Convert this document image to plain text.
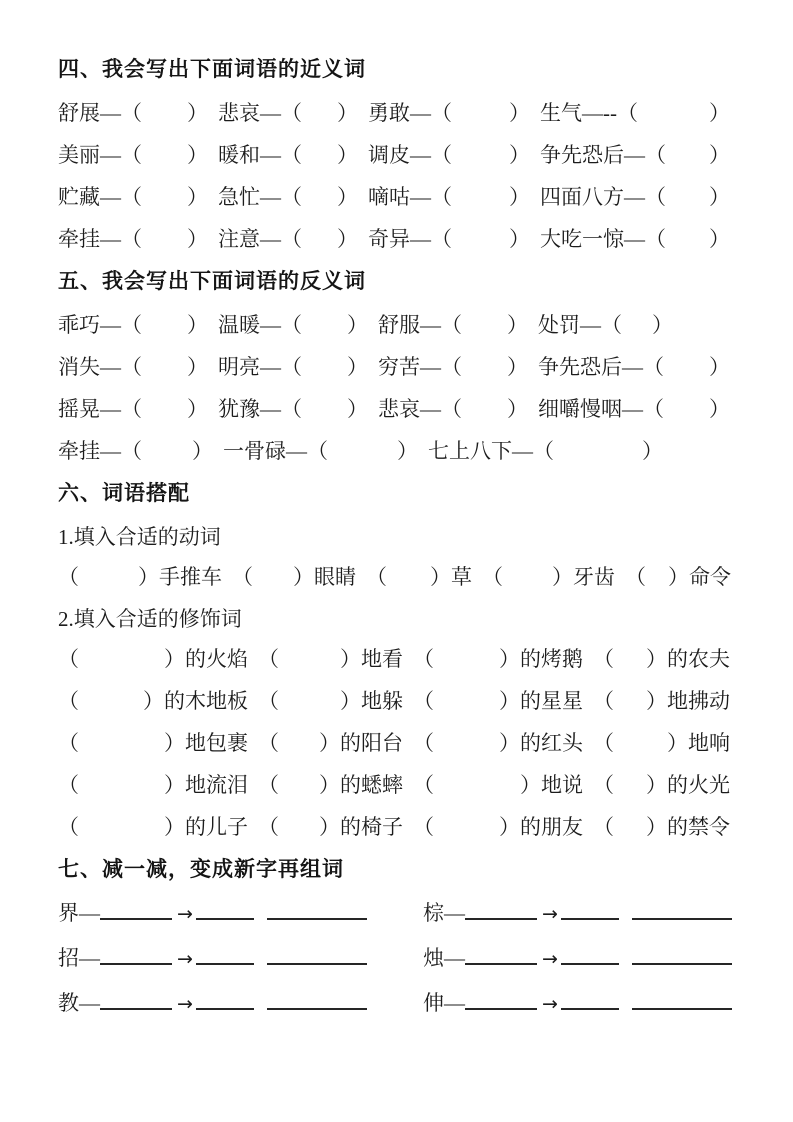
四、我会写出下面词语的近义词
舒展— （ ） 悲哀— （ ） 勇敢— （	） 生气—-- （	）
美丽— （ ） 暖和— （ ） 调皮— （	） 争先恐后— （ ）
贮藏— （ ） 急忙— （ ） 嘀咕— （	） 四面八方— （ ）
牵挂— （ ） 注意— （ ） 奇异— （	） 大吃一惊— （ ）
五、我会写出下面词语的反义词
乖巧— （ ） 温暖— （ ） 舒服— （ ） 处罚— （ ）
消失— （ ） 明亮— （ ） 穷苦— （ ） 争先恐后— （ ）
摇晃— （ ） 犹豫— （ ） 悲哀— （ ） 细嚼慢咽— （ ）
牵挂— （ ） 一骨碌— （	） 七上八下— （	）
六、词语搭配
1.填入合适的动词
（	） 手推车 （ ） 眼睛 （ ） 草 （ ） 牙齿 （ ） 命令
2.填入合适的修饰词
（	） 的火焰 （	） 地看 （	） 的烤鹅 （ ） 的农夫
（	） 的木地板 （	） 地躲 （	） 的星星 （ ） 地拂动
（	） 地包裹 （ ） 的阳台 （	） 的红头 （	） 地响
（	） 地流泪 （ ） 的蟋蟀 （	） 地说 （ ） 的火光
（	） 的儿子 （ ） 的椅子 （	） 的朋友 （ ） 的禁令
七、减一减，变成新字再组词
界—	→	棕—	→
招—	→	烛—	→
教—	→	伸—	→
